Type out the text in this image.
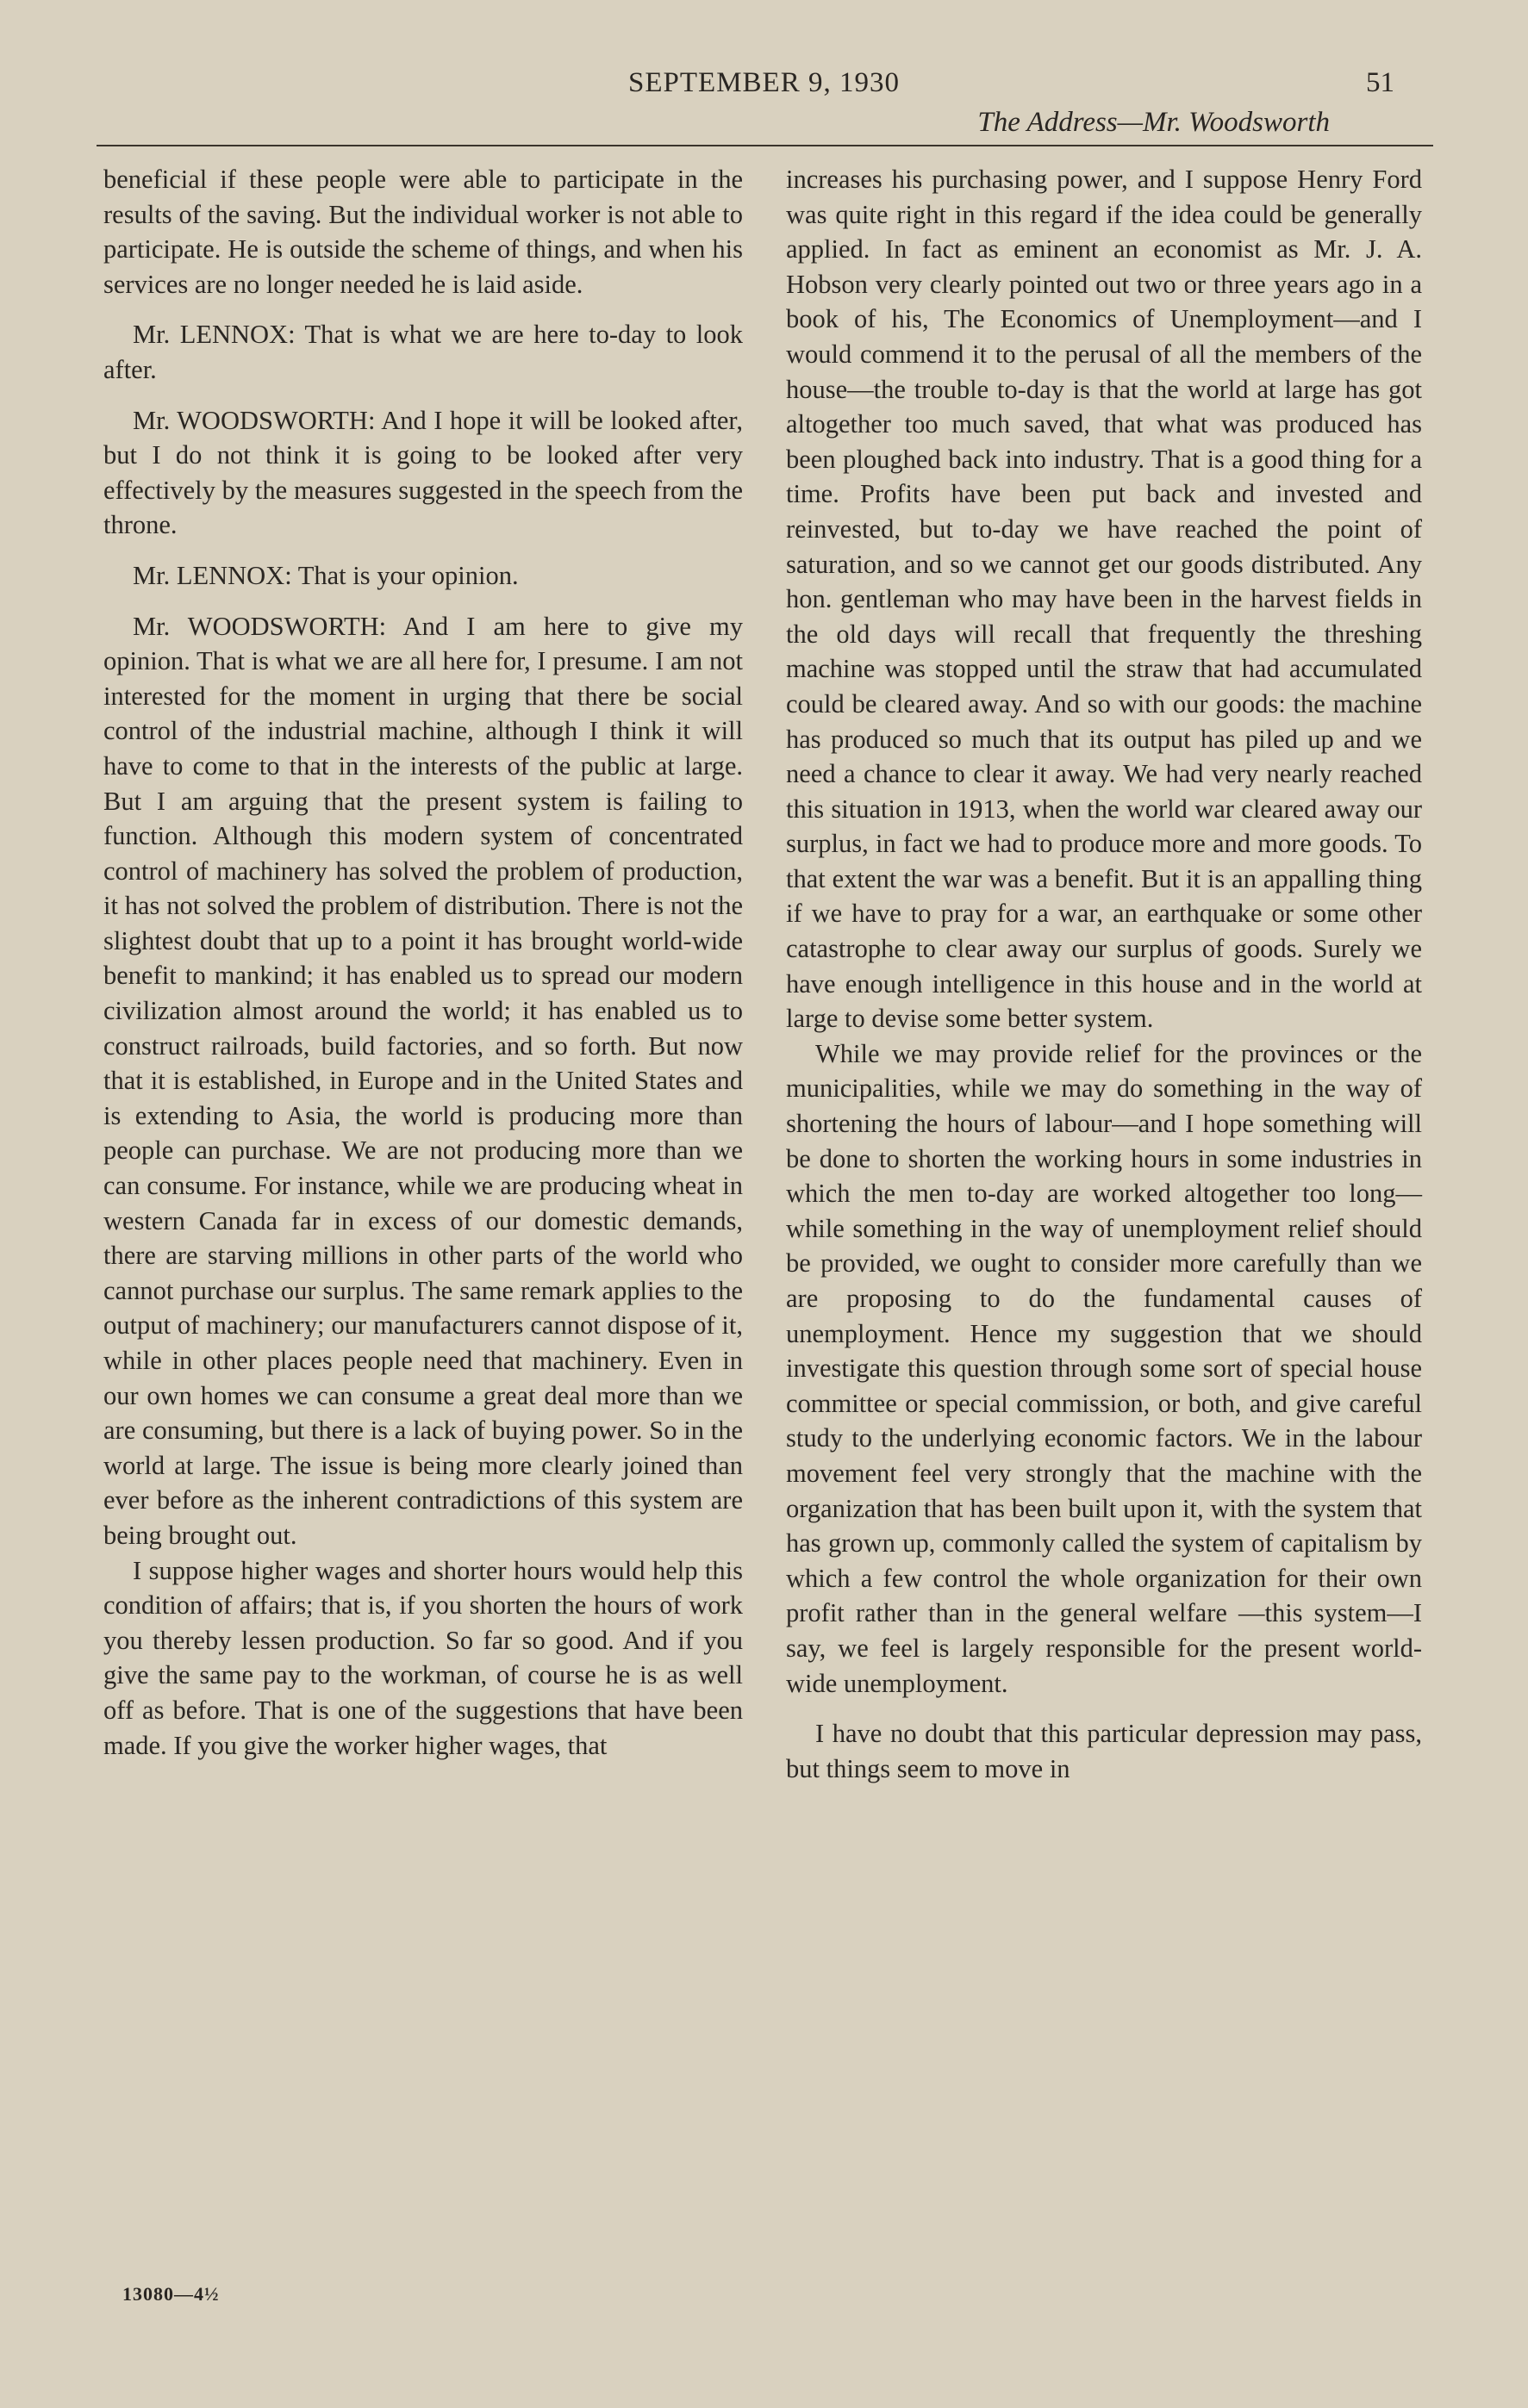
SEPTEMBER 9, 1930	51
The Address—Mr. Woodsworth

beneficial if these people were able to participate in the results of the saving. But the individual worker is not able to participate. He is outside the scheme of things, and when his services are no longer needed he is laid aside.

Mr. LENNOX: That is what we are here to-day to look after.

Mr. WOODSWORTH: And I hope it will be looked after, but I do not think it is going to be looked after very effectively by the measures suggested in the speech from the throne.

Mr. LENNOX: That is your opinion.

Mr. WOODSWORTH: And I am here to give my opinion. That is what we are all here for, I presume. I am not interested for the moment in urging that there be social control of the industrial machine, although I think it will have to come to that in the interests of the public at large. But I am arguing that the present system is failing to function. Although this modern system of concentrated control of machinery has solved the problem of production, it has not solved the problem of distribution. There is not the slightest doubt that up to a point it has brought world-wide benefit to mankind; it has enabled us to spread our modern civilization almost around the world; it has enabled us to construct railroads, build factories, and so forth. But now that it is established, in Europe and in the United States and is extending to Asia, the world is producing more than people can purchase. We are not producing more than we can consume. For instance, while we are producing wheat in western Canada far in excess of our domestic demands, there are starving millions in other parts of the world who cannot purchase our surplus. The same remark applies to the output of machinery; our manufacturers cannot dispose of it, while in other places people need that machinery. Even in our own homes we can consume a great deal more than we are consuming, but there is a lack of buying power. So in the world at large. The issue is being more clearly joined than ever before as the inherent contradictions of this system are being brought out.

I suppose higher wages and shorter hours would help this condition of affairs; that is, if you shorten the hours of work you thereby lessen production. So far so good. And if you give the same pay to the workman, of course he is as well off as before. That is one of the suggestions that have been made. If you give the worker higher wages, that

increases his purchasing power, and I suppose Henry Ford was quite right in this regard if the idea could be generally applied. In fact as eminent an economist as Mr. J. A. Hobson very clearly pointed out two or three years ago in a book of his, The Economics of Unemployment—and I would commend it to the perusal of all the members of the house—the trouble to-day is that the world at large has got altogether too much saved, that what was produced has been ploughed back into industry. That is a good thing for a time. Profits have been put back and invested and reinvested, but to-day we have reached the point of saturation, and so we cannot get our goods distributed. Any hon. gentleman who may have been in the harvest fields in the old days will recall that frequently the threshing machine was stopped until the straw that had accumulated could be cleared away. And so with our goods: the machine has produced so much that its output has piled up and we need a chance to clear it away. We had very nearly reached this situation in 1913, when the world war cleared away our surplus, in fact we had to produce more and more goods. To that extent the war was a benefit. But it is an appalling thing if we have to pray for a war, an earthquake or some other catastrophe to clear away our surplus of goods. Surely we have enough intelligence in this house and in the world at large to devise some better system.

While we may provide relief for the provinces or the municipalities, while we may do something in the way of shortening the hours of labour—and I hope something will be done to shorten the working hours in some industries in which the men to-day are worked altogether too long—while something in the way of unemployment relief should be provided, we ought to consider more carefully than we are proposing to do the fundamental causes of unemployment. Hence my suggestion that we should investigate this question through some sort of special house committee or special commission, or both, and give careful study to the underlying economic factors. We in the labour movement feel very strongly that the machine with the organization that has been built upon it, with the system that has grown up, commonly called the system of capitalism by which a few control the whole organization for their own profit rather than in the general welfare —this system—I say, we feel is largely responsible for the present world-wide unemployment.

I have no doubt that this particular depression may pass, but things seem to move in

13080—4½
